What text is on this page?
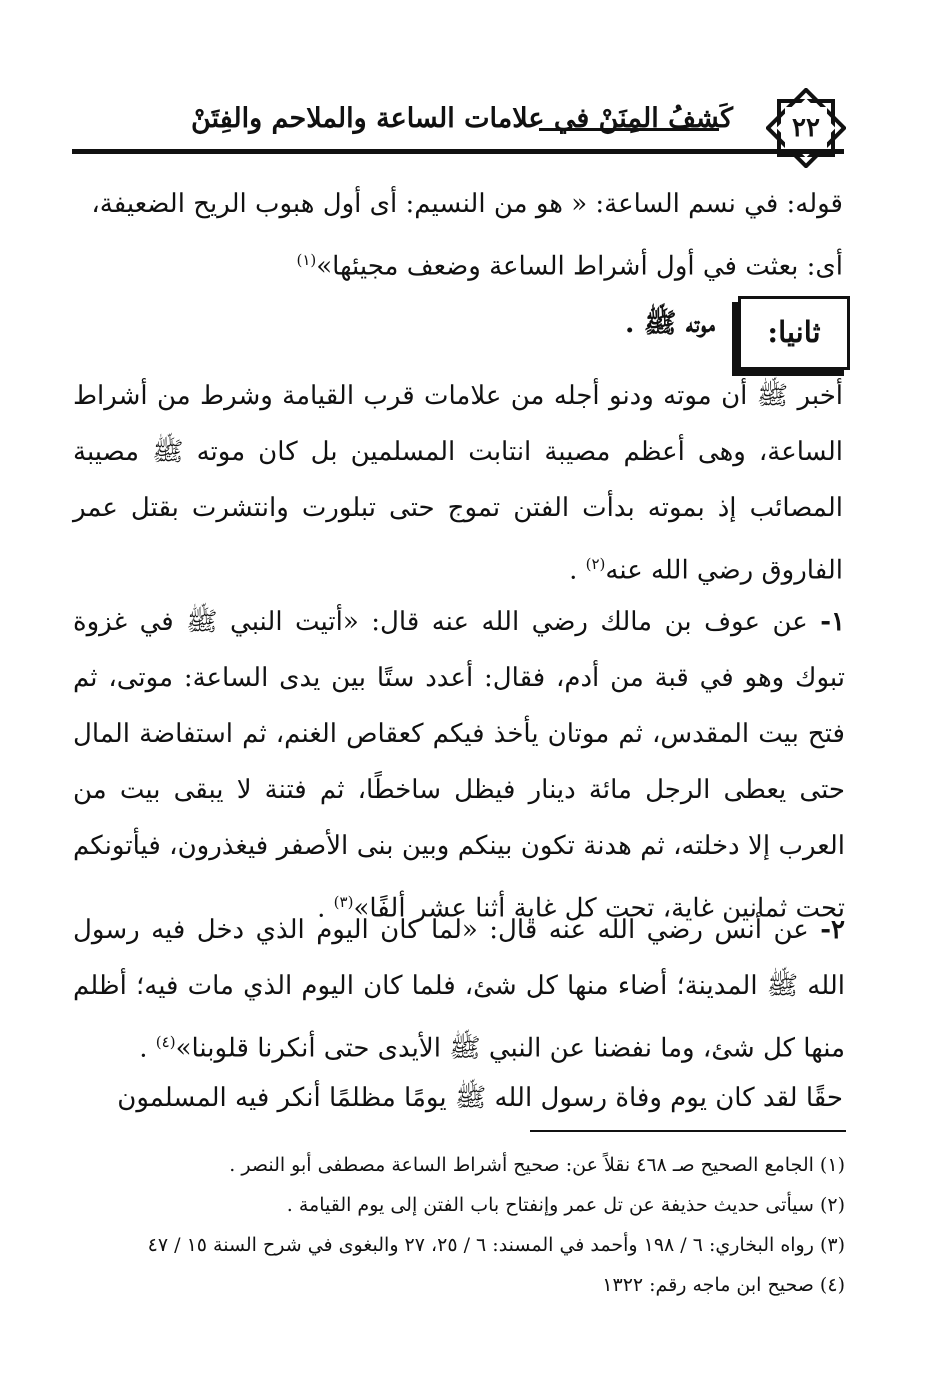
٢٢
كَشفُ المِنَنْ في علامات الساعة والملاحم والفِتَنْ

قوله: في نسم الساعة: « هو من النسيم: أى أول هبوب الريح الضعيفة،
أى: بعثت في أول أشراط الساعة وضعف مجيئها»$^{(١)}$

ثانيا:
موته ﷺ .

أخبر ﷺ أن موته ودنو أجله من علامات قرب القيامة وشرط من أشراط الساعة، وهى أعظم مصيبة انتابت المسلمين بل كان موته ﷺ مصيبة المصائب إذ بموته بدأت الفتن تموج حتى تبلورت وانتشرت بقتل عمر الفاروق رضي الله عنه$^{(٢)}$ .

١- عن عوف بن مالك رضي الله عنه قال: «أتيت النبي ﷺ في غزوة تبوك وهو في قبة من أدم، فقال: أعدد ستًا بين يدى الساعة: موتى، ثم فتح بيت المقدس، ثم موتان يأخذ فيكم كعقاص الغنم، ثم استفاضة المال حتى يعطى الرجل مائة دينار فيظل ساخطًا، ثم فتنة لا يبقى بيت من العرب إلا دخلته، ثم هدنة تكون بينكم وبين بنى الأصفر فيغذرون، فيأتونكم تحت ثمانين غاية، تحت كل غاية أثنا عشر ألفًا»$^{(٣)}$ .

٢- عن أنس رضي الله عنه قال: «لما كان اليوم الذي دخل فيه رسول الله ﷺ المدينة؛ أضاء منها كل شئ، فلما كان اليوم الذي مات فيه؛ أظلم منها كل شئ، وما نفضنا عن النبي ﷺ الأيدى حتى أنكرنا قلوبنا»$^{(٤)}$ .

حقًا لقد كان يوم وفاة رسول الله ﷺ يومًا مظلمًا أنكر فيه المسلمون

(١) الجامع الصحيح صـ ٤٦٨ نقلاً عن: صحيح أشراط الساعة مصطفى أبو النصر .
(٢) سيأتى حديث حذيفة عن تل عمر وإنفتاح باب الفتن إلى يوم القيامة .
(٣) رواه البخاري: ٦ / ١٩٨ وأحمد في المسند: ٦ / ٢٥، ٢٧ والبغوى في شرح السنة ١٥ / ٤٧
(٤) صحيح ابن ماجه رقم: ١٣٢٢
